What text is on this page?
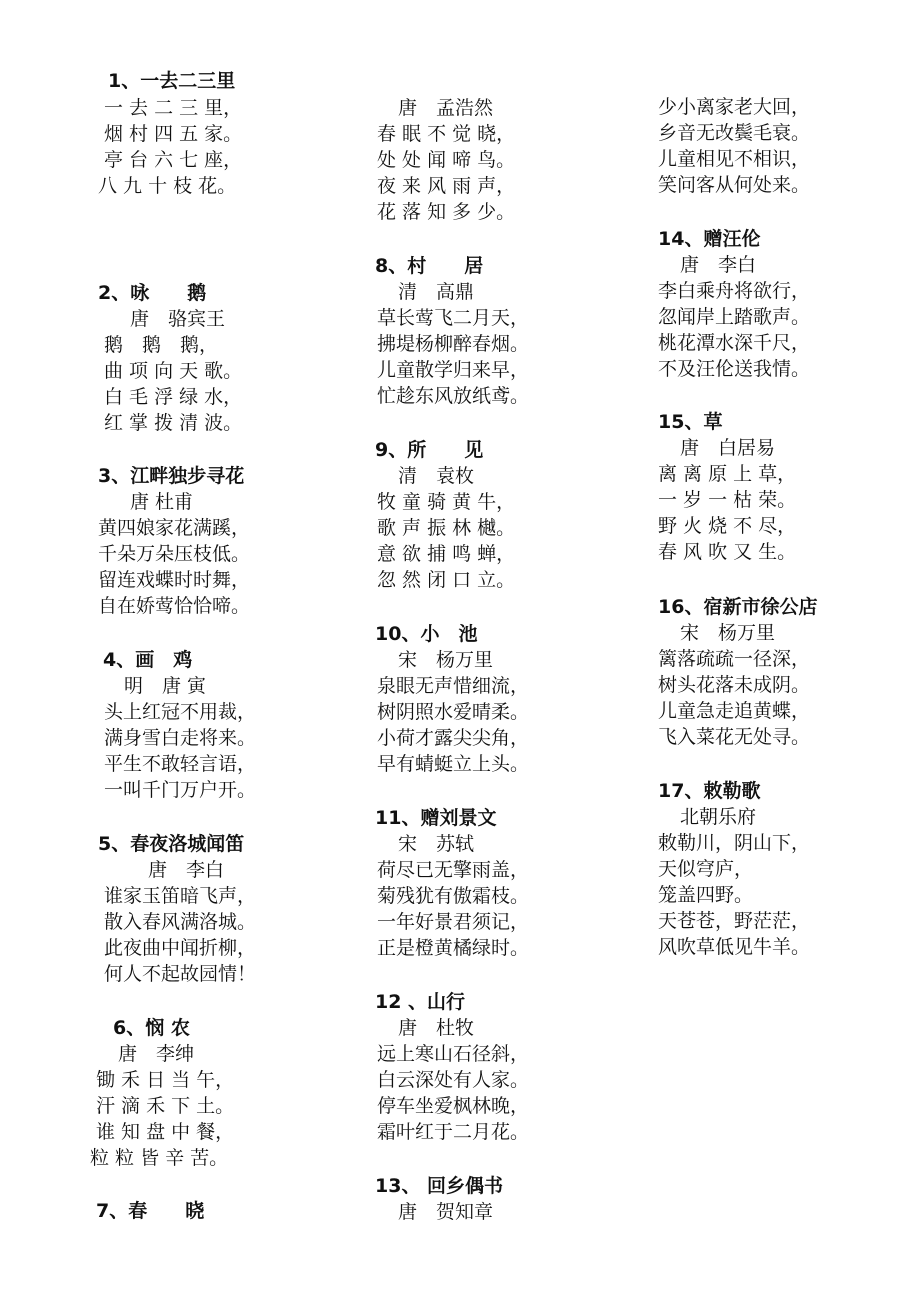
1、一去二三里
一 去 二 三 里，
烟 村 四 五 家。
亭 台 六 七 座，
八 九 十 枝 花。
2、咏　　鹅
唐　骆宾王
鹅　鹅　鹅，
曲 项 向 天 歌。
白 毛 浮 绿 水，
红 掌 拨 清 波。
3、江畔独步寻花
唐 杜甫
黄四娘家花满蹊，
千朵万朵压枝低。
留连戏蝶时时舞，
自在娇莺恰恰啼。
4、画　鸡
明　唐 寅
头上红冠不用裁，
满身雪白走将来。
平生不敢轻言语，
一叫千门万户开。
5、春夜洛城闻笛
唐　李白
谁家玉笛暗飞声，
散入春风满洛城。
此夜曲中闻折柳，
何人不起故园情！
6、悯 农
唐　李绅
锄 禾 日 当 午，
汗 滴 禾 下 土。
谁 知 盘 中 餐，
粒 粒 皆 辛 苦。
7、春　　晓
唐　孟浩然
春 眠 不 觉 晓，
处 处 闻 啼 鸟。
夜 来 风 雨 声，
花 落 知 多 少。
8、村　　居
清　高鼎
草长莺飞二月天，
拂堤杨柳醉春烟。
儿童散学归来早，
忙趁东风放纸鸢。
9、所　　见
清　袁枚
牧 童 骑 黄 牛，
歌 声 振 林 樾。
意 欲 捕 鸣 蝉，
忽 然 闭 口 立。
10、小　池
宋　杨万里
泉眼无声惜细流，
树阴照水爱晴柔。
小荷才露尖尖角，
早有蜻蜓立上头。
11、赠刘景文
宋　苏轼
荷尽已无擎雨盖，
菊残犹有傲霜枝。
一年好景君须记，
正是橙黄橘绿时。
12 、山行
唐　杜牧
远上寒山石径斜，
白云深处有人家。
停车坐爱枫林晚，
霜叶红于二月花。
13、 回乡偶书
唐　贺知章
少小离家老大回，
乡音无改鬓毛衰。
儿童相见不相识，
笑问客从何处来。
14、赠汪伦
唐　李白
李白乘舟将欲行，
忽闻岸上踏歌声。
桃花潭水深千尺，
不及汪伦送我情。
15、草
唐　白居易
离 离 原 上 草，
一 岁 一 枯 荣。
野 火 烧 不 尽，
春 风 吹 又 生。
16、宿新市徐公店
宋　杨万里
篱落疏疏一径深，
树头花落未成阴。
儿童急走追黄蝶，
飞入菜花无处寻。
17、敕勒歌
北朝乐府
敕勒川，阴山下，
天似穹庐，
笼盖四野。
天苍苍，野茫茫，
风吹草低见牛羊。
